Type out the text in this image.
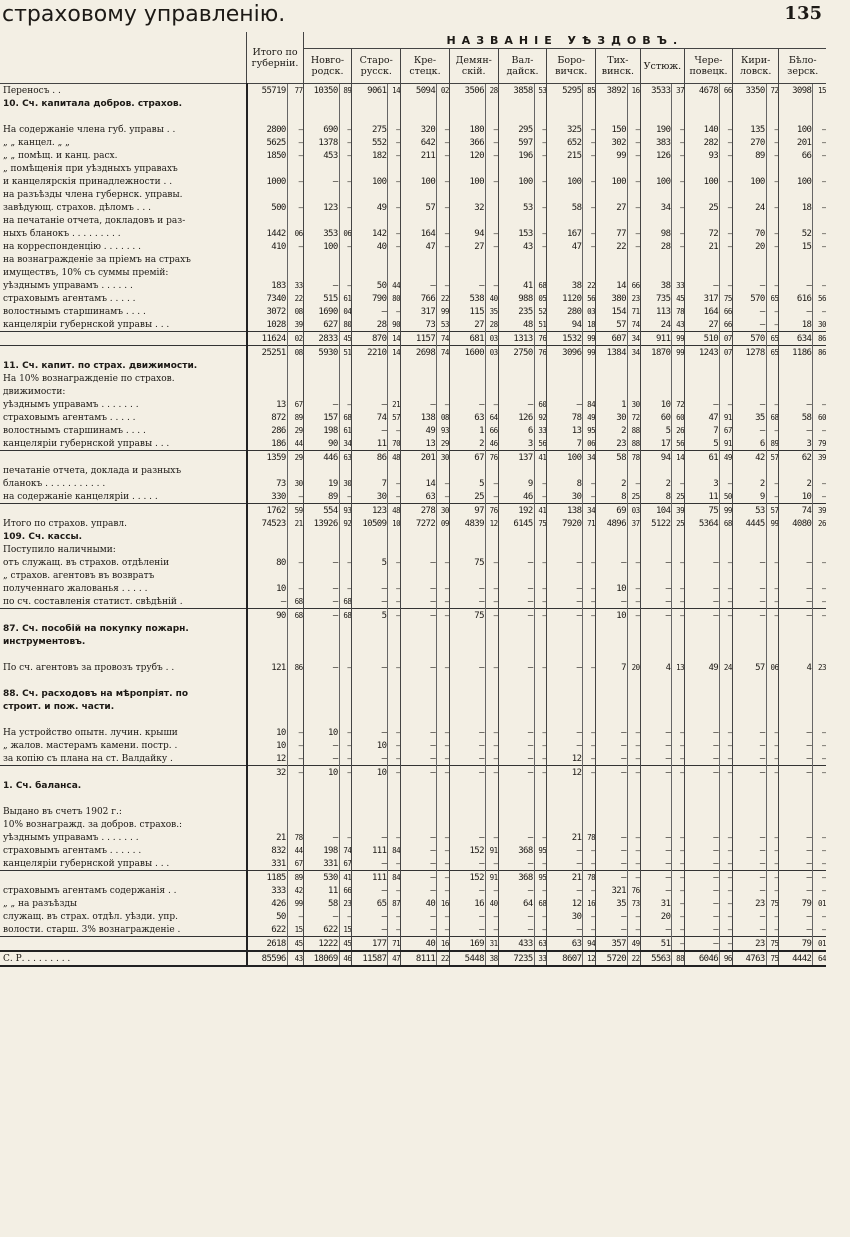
страховому управленію.	135
	Итого по губерніи.		НАЗВАНІЕ УѢЗДОВЪ.																					
			Новго-родск.		Старо-русск.		Кре-стецк.		Демян-скій.		Вал-дайск.		Боро-вичск.		Тих-винск.		Устюж.		Чере-повецк.		Кири-ловск.		Бѣло-зерск.	
Переносъ . .	55719	77	10350	89	9061	14	5094	02	3506	28	3858	53	5295	85	3892	16	3533	37	4678	66	3350	72	3098	15
10. Сч. капитала добров. страхов.																								

На содержаніе члена губ. управы . .	2800	—	690	—	275	—	320	—	180	—	295	—	325	—	150	—	190	—	140	—	135	—	100	—
„ „ канцел. „ „	5625	—	1378	—	552	—	642	—	366	—	597	—	652	—	302	—	383	—	282	—	270	—	201	—
„ „ помѣщ. и канц. расх.	1850	—	453	—	182	—	211	—	120	—	196	—	215	—	99	—	126	—	93	—	89	—	66	—
„ помѣщенія при уѣздныхъ управахъ																								
и канцелярскія принадлежности . .	1000	—	—	—	100	—	100	—	100	—	100	—	100	—	100	—	100	—	100	—	100	—	100	—
на разъѣзды члена губернск. управы.																								
завѣдующ. страхов. дѣломъ . . .	500	—	123	—	49	—	57	—	32		53	—	58	—	27	—	34	—	25	—	24	—	18	—
на печатаніе отчета, докладовъ и раз-																								
ныхъ бланокъ . . . . . . . . .	1442	06	353	06	142	—	164	—	94	—	153	—	167	—	77	—	98	—	72	—	70	—	52	—
на корреспонденцію . . . . . . .	410	—	100	—	40	—	47	—	27	—	43	—	47	—	22	—	28	—	21	—	20	—	15	—
на вознагражденіе за пріемъ на страхъ																								
имуществъ, 10% съ суммы премій:																								
уѣзднымъ управамъ . . . . . .	183	33	—	—	50	44	—	—	—	—	41	68	38	22	14	66	38	33	—	—	—	—	—	—
страховымъ агентамъ . . . . .	7340	22	515	61	790	80	766	22	538	40	988	05	1120	56	380	23	735	45	317	75	570	65	616	56
волостнымъ старшинамъ . . . .	3072	08	1690	04	—	—	317	99	115	35	235	52	280	03	154	71	113	78	164	66	—	—	—	—
канцеляріи губернской управы . . .	1028	39	627	80	28	90	73	53	27	28	48	51	94	18	57	74	24	43	27	66	—	—	18	30
	11624	02	2833	45	870	14	1157	74	681	03	1313	76	1532	99	607	34	911	99	510	07	570	65	634	86
	25251	08	5930	51	2210	14	2698	74	1600	03	2750	76	3096	99	1384	34	1870	99	1243	07	1278	65	1186	86
11. Сч. капит. по страх. движимости.																								
На 10% вознагражденіе по страхов.																								
движимости:																								
уѣзднымъ управамъ . . . . . . .	13	67	—	—	—	21	—	—	—	—	—	60	—	84	1	30	10	72	—	—	—	—	—	—
страховымъ агентамъ . . . . .	872	89	157	68	74	57	138	08	63	64	126	92	78	49	30	72	60	60	47	91	35	68	58	60
волостнымъ старшинамъ . . . .	286	29	198	61	—	—	49	93	1	66	6	33	13	95	2	88	5	26	7	67	—	—	—	—
канцеляріи губернской управы . . .	186	44	90	34	11	70	13	29	2	46	3	56	7	06	23	88	17	56	5	91	6	89	3	79
	1359	29	446	63	86	48	201	30	67	76	137	41	100	34	58	78	94	14	61	49	42	57	62	39
печатаніе отчета, доклада и разныхъ																								
бланокъ . . . . . . . . . . .	73	30	19	30	7	—	14	—	5	—	9	—	8	—	2	—	2	—	3	—	2	—	2	—
на содержаніе канцеляріи . . . . .	330	—	89	—	30	—	63	—	25	—	46	—	30	—	8	25	8	25	11	50	9	—	10	—
	1762	59	554	93	123	48	278	30	97	76	192	41	138	34	69	03	104	39	75	99	53	57	74	39
Итого по страхов. управл.	74523	21	13926	92	10509	10	7272	09	4839	12	6145	75	7920	71	4896	37	5122	25	5364	68	4445	99	4080	26
109. Сч. кассы.																								
Поступило наличными:																								
отъ служащ. въ страхов. отдѣленіи	80	—	—	—	5	—	—	—	75	—	—	—	—	—	—	—	—	—	—	—	—	—	—	—
„ страхов. агентовъ въ возвратъ																								
полученнаго жалованья . . . . .	10	—	—	—	—	—	—	—	—	—	—	—	—	—	10	—	—	—	—	—	—	—	—	—
по сч. составленія статист. свѣдѣній .	—	68	—	68	—	—	—	—	—	—	—	—	—	—	—	—	—	—	—	—	—	—	—	—
	90	68	—	68	5	—	—	—	75	—	—	—	—	—	10	—	—	—	—	—	—	—	—	—
87. Сч. пособій на покупку пожарн.																								
инструментовъ.																								

По сч. агентовъ за провозъ трубъ . .	121	86	—	—	—	—	—	—	—	—	—	—	—	—	7	20	4	13	49	24	57	06	4	23

88. Сч. расходовъ на мѣропріят. по																								
строит. и пож. части.																								

На устройство опытн. лучин. крыши	10	—	10	—	—	—	—	—	—	—	—	—	—	—	—	—	—	—	—	—	—	—	—	—
„ жалов. мастерамъ камени. постр. .	10	—	—	—	10	—	—	—	—	—	—	—	—	—	—	—	—	—	—	—	—	—	—	—
за копію съ плана на ст. Валдайку .	12	—	—	—	—	—	—	—	—	—	—	—	12	—	—	—	—	—	—	—	—	—	—	—
	32	—	10	—	10	—	—	—	—	—	—	—	12	—	—	—	—	—	—	—	—	—	—	—
1. Сч. баланса.																								

Выдано въ счетъ 1902 г.:																								
10% вознагражд. за добров. страхов.:																								
уѣзднымъ управамъ . . . . . . .	21	78	—	—	—	—	—	—	—	—	—	—	21	78	—	—	—	—	—	—	—	—	—	—
страховымъ агентамъ . . . . . .	832	44	198	74	111	84	—	—	152	91	368	95	—	—	—	—	—	—	—	—	—	—	—	—
канцеляріи губернской управы . . .	331	67	331	67	—	—	—	—	—	—	—	—	—	—	—	—	—	—	—	—	—	—	—	—
	1185	89	530	41	111	84	—	—	152	91	368	95	21	78	—	—	—	—	—	—	—	—	—	—
страховымъ агентамъ содержанія . .	333	42	11	66	—	—	—	—	—	—	—	—	—	—	321	76	—	—	—	—	—	—	—	—
„ „ на разъѣзды	426	99	58	23	65	87	40	16	16	40	64	68	12	16	35	73	31	—	—	—	23	75	79	01
служащ. въ страх. отдѣл. уѣзди. упр.	50	—	—	—	—	—	—	—	—	—	—	—	30	—	—	—	20	—	—	—	—	—	—	—
волости. старш. 3% вознагражденіе .	622	15	622	15	—	—	—	—	—	—	—	—	—	—	—	—	—	—	—	—	—	—	—	—
	2618	45	1222	45	177	71	40	16	169	31	433	63	63	94	357	49	51	—	—	—	23	75	79	01
С. Р. . . . . . . . .	85596	43	18069	46	11587	47	8111	22	5448	38	7235	33	8607	12	5720	22	5563	88	6046	96	4763	75	4442	64
